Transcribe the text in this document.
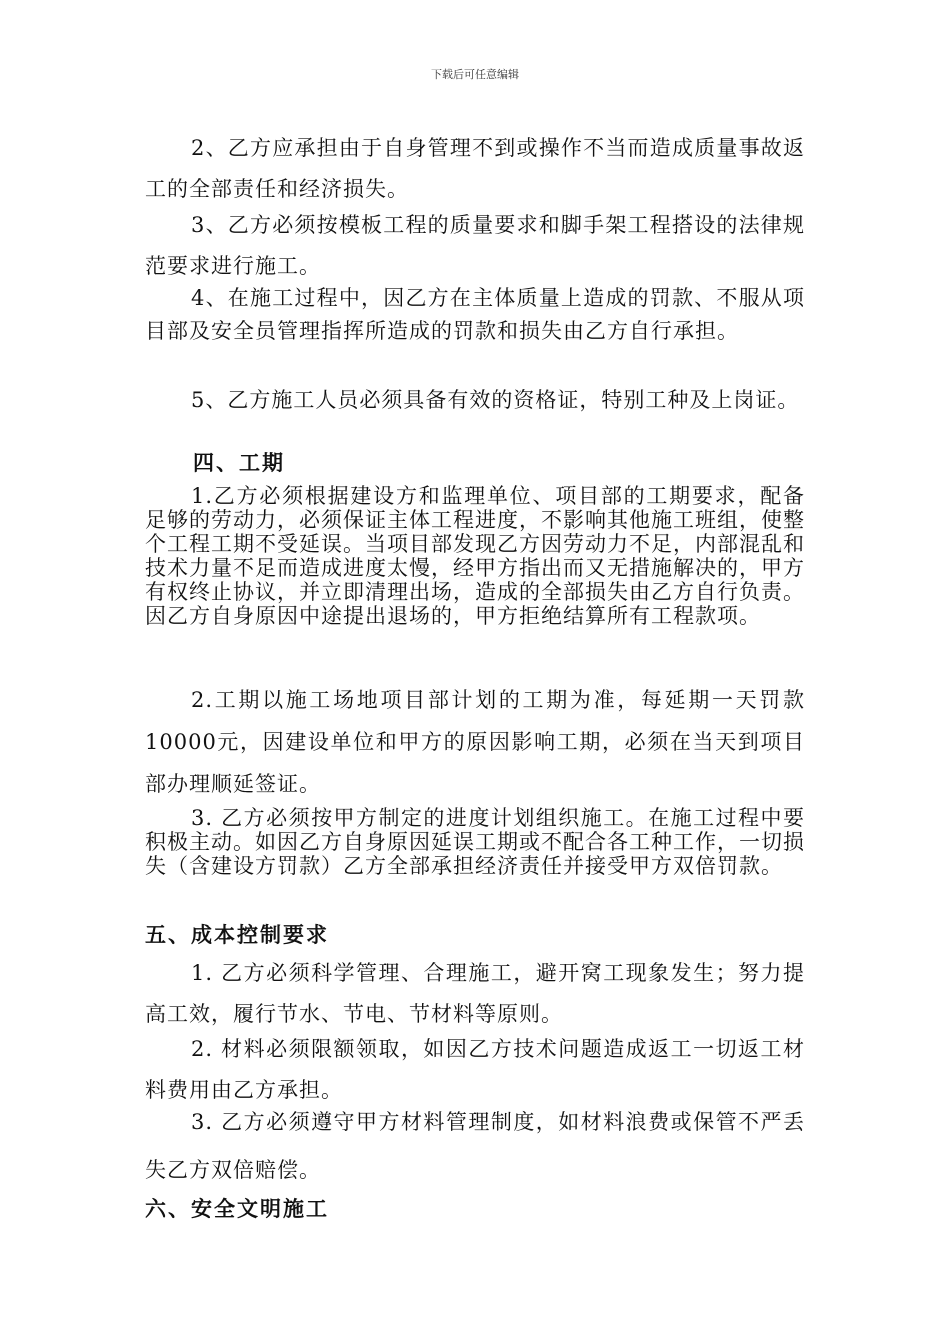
下载后可任意编辑

2、乙方应承担由于自身管理不到或操作不当而造成质量事故返工的全部责任和经济损失。

3、乙方必须按模板工程的质量要求和脚手架工程搭设的法律规范要求进行施工。

4、在施工过程中，因乙方在主体质量上造成的罚款、不服从项目部及安全员管理指挥所造成的罚款和损失由乙方自行承担。

5、乙方施工人员必须具备有效的资格证，特别工种及上岗证。

四、工期

1.乙方必须根据建设方和监理单位、项目部的工期要求，配备足够的劳动力，必须保证主体工程进度，不影响其他施工班组，使整个工程工期不受延误。当项目部发现乙方因劳动力不足，内部混乱和技术力量不足而造成进度太慢，经甲方指出而又无措施解决的，甲方有权终止协议，并立即清理出场，造成的全部损失由乙方自行负责。因乙方自身原因中途提出退场的，甲方拒绝结算所有工程款项。

2.工期以施工场地项目部计划的工期为准，每延期一天罚款10000元，因建设单位和甲方的原因影响工期，必须在当天到项目部办理顺延签证。

3. 乙方必须按甲方制定的进度计划组织施工。在施工过程中要积极主动。如因乙方自身原因延误工期或不配合各工种工作，一切损失（含建设方罚款）乙方全部承担经济责任并接受甲方双倍罚款。

五、成本控制要求

1. 乙方必须科学管理、合理施工，避开窝工现象发生；努力提高工效，履行节水、节电、节材料等原则。

2. 材料必须限额领取，如因乙方技术问题造成返工一切返工材料费用由乙方承担。

3. 乙方必须遵守甲方材料管理制度，如材料浪费或保管不严丢失乙方双倍赔偿。

六、安全文明施工
